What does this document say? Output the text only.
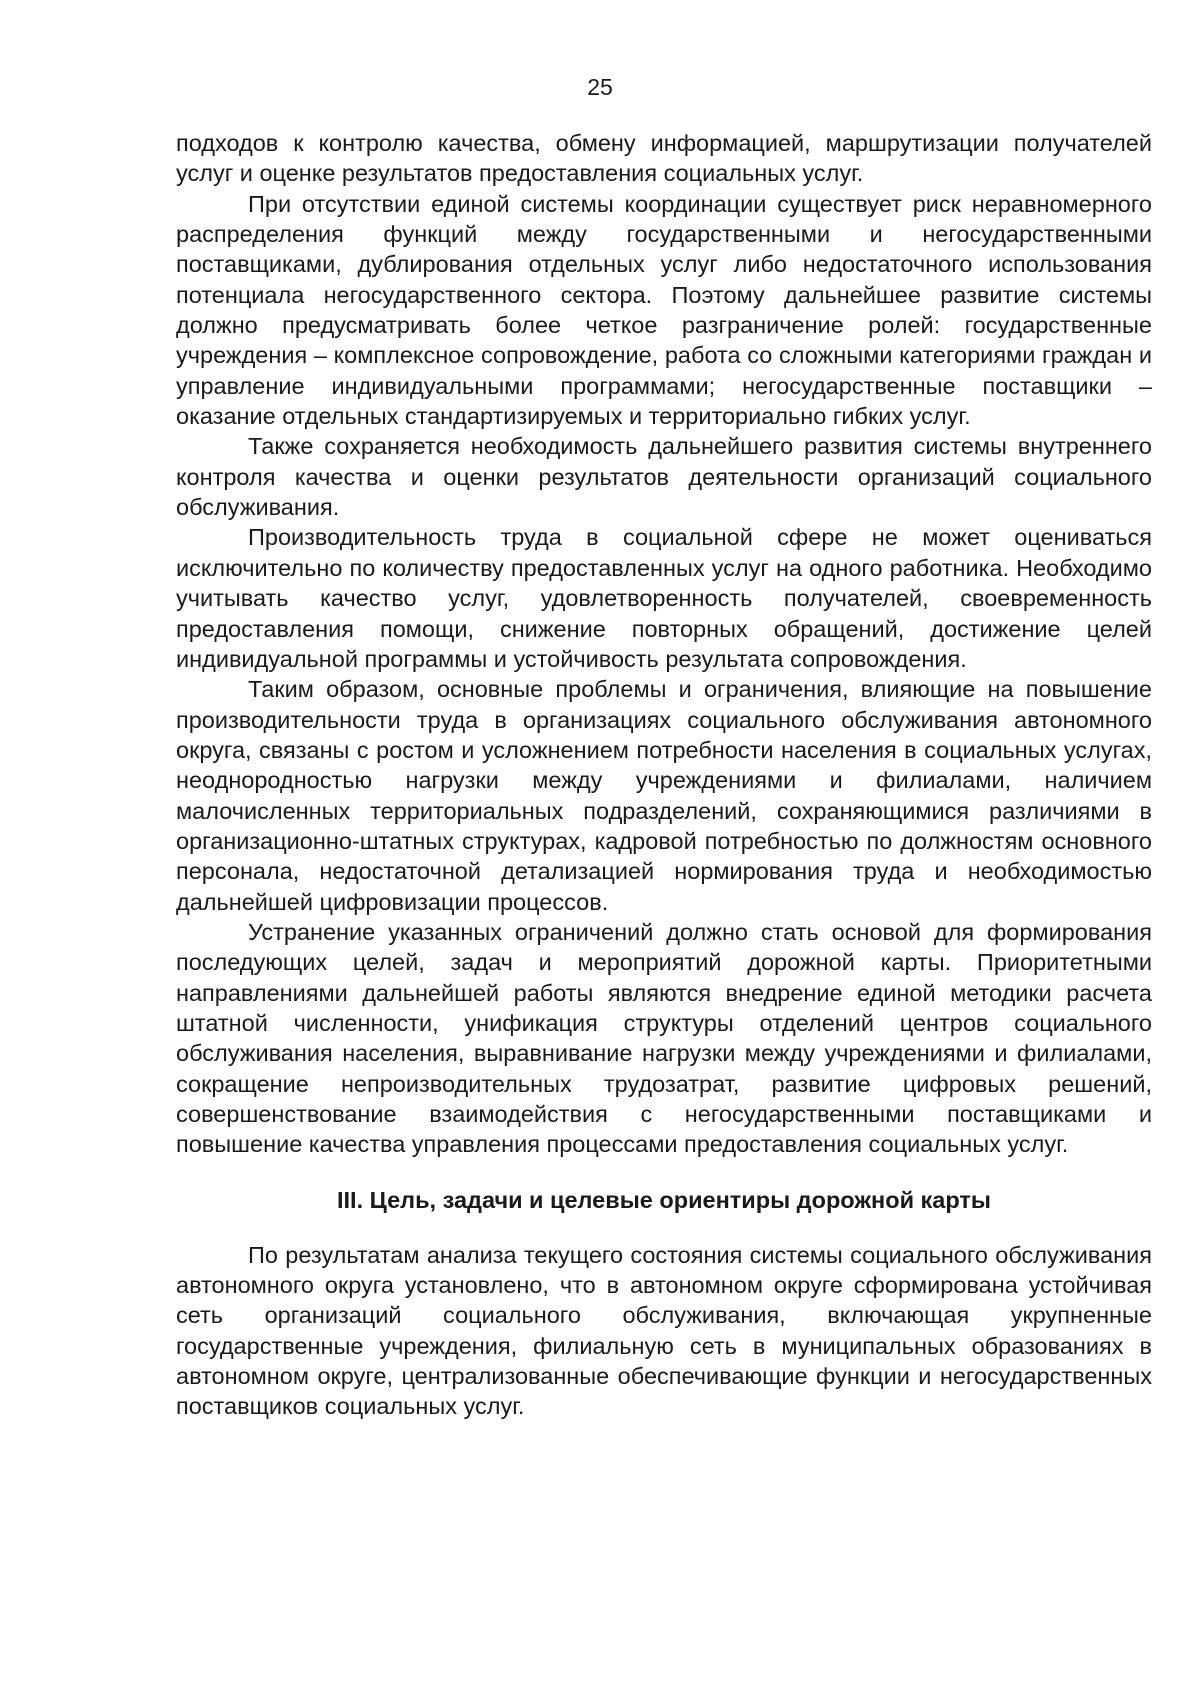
25

подходов к контролю качества, обмену информацией, маршрутизации получателей услуг и оценке результатов предоставления социальных услуг.

При отсутствии единой системы координации существует риск неравномерного распределения функций между государственными и негосударственными поставщиками, дублирования отдельных услуг либо недостаточного использования потенциала негосударственного сектора. Поэтому дальнейшее развитие системы должно предусматривать более четкое разграничение ролей: государственные учреждения – комплексное сопровождение, работа со сложными категориями граждан и управление индивидуальными программами; негосударственные поставщики – оказание отдельных стандартизируемых и территориально гибких услуг.

Также сохраняется необходимость дальнейшего развития системы внутреннего контроля качества и оценки результатов деятельности организаций социального обслуживания.

Производительность труда в социальной сфере не может оцениваться исключительно по количеству предоставленных услуг на одного работника. Необходимо учитывать качество услуг, удовлетворенность получателей, своевременность предоставления помощи, снижение повторных обращений, достижение целей индивидуальной программы и устойчивость результата сопровождения.

Таким образом, основные проблемы и ограничения, влияющие на повышение производительности труда в организациях социального обслуживания автономного округа, связаны с ростом и усложнением потребности населения в социальных услугах, неоднородностью нагрузки между учреждениями и филиалами, наличием малочисленных территориальных подразделений, сохраняющимися различиями в организационно-штатных структурах, кадровой потребностью по должностям основного персонала, недостаточной детализацией нормирования труда и необходимостью дальнейшей цифровизации процессов.

Устранение указанных ограничений должно стать основой для формирования последующих целей, задач и мероприятий дорожной карты. Приоритетными направлениями дальнейшей работы являются внедрение единой методики расчета штатной численности, унификация структуры отделений центров социального обслуживания населения, выравнивание нагрузки между учреждениями и филиалами, сокращение непроизводительных трудозатрат, развитие цифровых решений, совершенствование взаимодействия с негосударственными поставщиками и повышение качества управления процессами предоставления социальных услуг.

III. Цель, задачи и целевые ориентиры дорожной карты

По результатам анализа текущего состояния системы социального обслуживания автономного округа установлено, что в автономном округе сформирована устойчивая сеть организаций социального обслуживания, включающая укрупненные государственные учреждения, филиальную сеть в муниципальных образованиях в автономном округе, централизованные обеспечивающие функции и негосударственных поставщиков социальных услуг.
